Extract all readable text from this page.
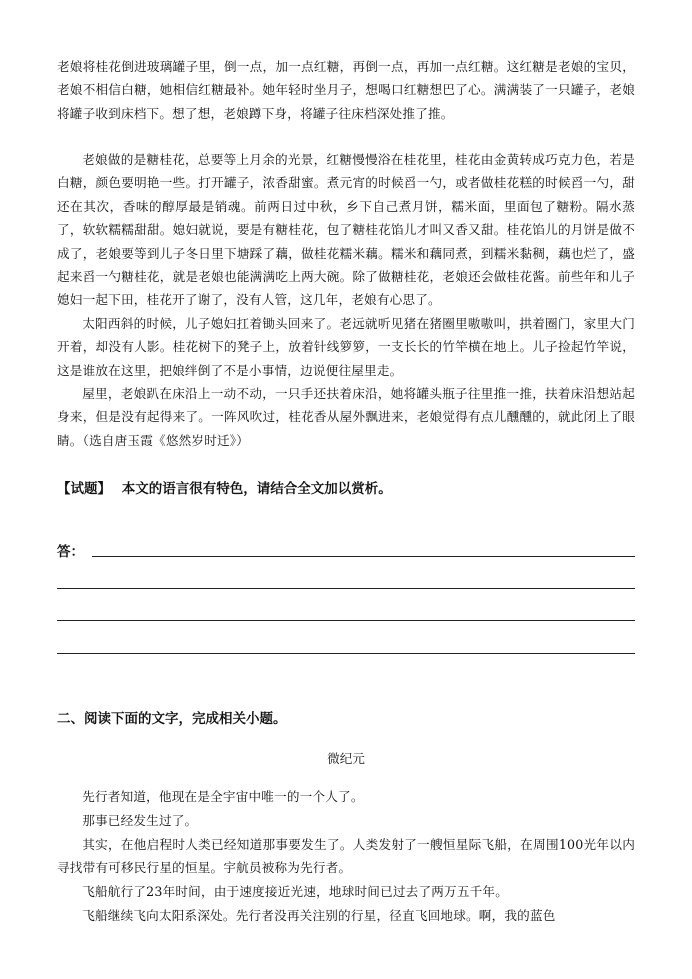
老娘将桂花倒进玻璃罐子里，倒一点，加一点红糖，再倒一点，再加一点红糖。这红糖是老娘的宝贝，老娘不相信白糖，她相信红糖最补。她年轻时坐月子，想喝口红糖想巴了心。满满装了一只罐子，老娘将罐子收到床档下。想了想，老娘蹲下身，将罐子往床档深处推了推。

老娘做的是糖桂花，总要等上月余的光景，红糖慢慢浴在桂花里，桂花由金黄转成巧克力色，若是白糖，颜色要明艳一些。打开罐子，浓香甜蜜。煮元宵的时候舀一勺，或者做桂花糕的时候舀一勺，甜还在其次，香味的醇厚最是销魂。前两日过中秋，乡下自己煮月饼，糯米面，里面包了糖粉。隔水蒸了，软软糯糯甜甜。媳妇就说，要是有糖桂花，包了糖桂花馅儿才叫又香又甜。桂花馅儿的月饼是做不成了，老娘要等到儿子冬日里下塘踩了藕，做桂花糯米藕。糯米和藕同煮，到糯米黏稠，藕也烂了，盛起来舀一勺糖桂花，就是老娘也能满满吃上两大碗。除了做糖桂花，老娘还会做桂花酱。前些年和儿子媳妇一起下田，桂花开了谢了，没有人管，这几年，老娘有心思了。

太阳西斜的时候，儿子媳妇扛着锄头回来了。老远就听见猪在猪圈里嗷嗷叫，拱着圈门，家里大门开着，却没有人影。桂花树下的凳子上，放着针线箩箩，一支长长的竹竿横在地上。儿子捡起竹竿说，这是谁放在这里，把娘绊倒了不是小事情，边说便往屋里走。

屋里，老娘趴在床沿上一动不动，一只手还扶着床沿，她将罐头瓶子往里推一推，扶着床沿想站起身来，但是没有起得来了。一阵风吹过，桂花香从屋外飘进来，老娘觉得有点儿醺醺的，就此闭上了眼睛。（选自唐玉霞《悠然岁时迁》）

【试题】 本文的语言很有特色，请结合全文加以赏析。
答：
二、阅读下面的文字，完成相关小题。
微纪元

先行者知道，他现在是全宇宙中唯一的一个人了。

那事已经发生过了。

其实，在他启程时人类已经知道那事要发生了。人类发射了一艘恒星际飞船，在周围100光年以内寻找带有可移民行星的恒星。宇航员被称为先行者。

飞船航行了23年时间，由于速度接近光速，地球时间已过去了两万五千年。

飞船继续飞向太阳系深处。先行者没再关注别的行星，径直飞回地球。啊，我的蓝色
